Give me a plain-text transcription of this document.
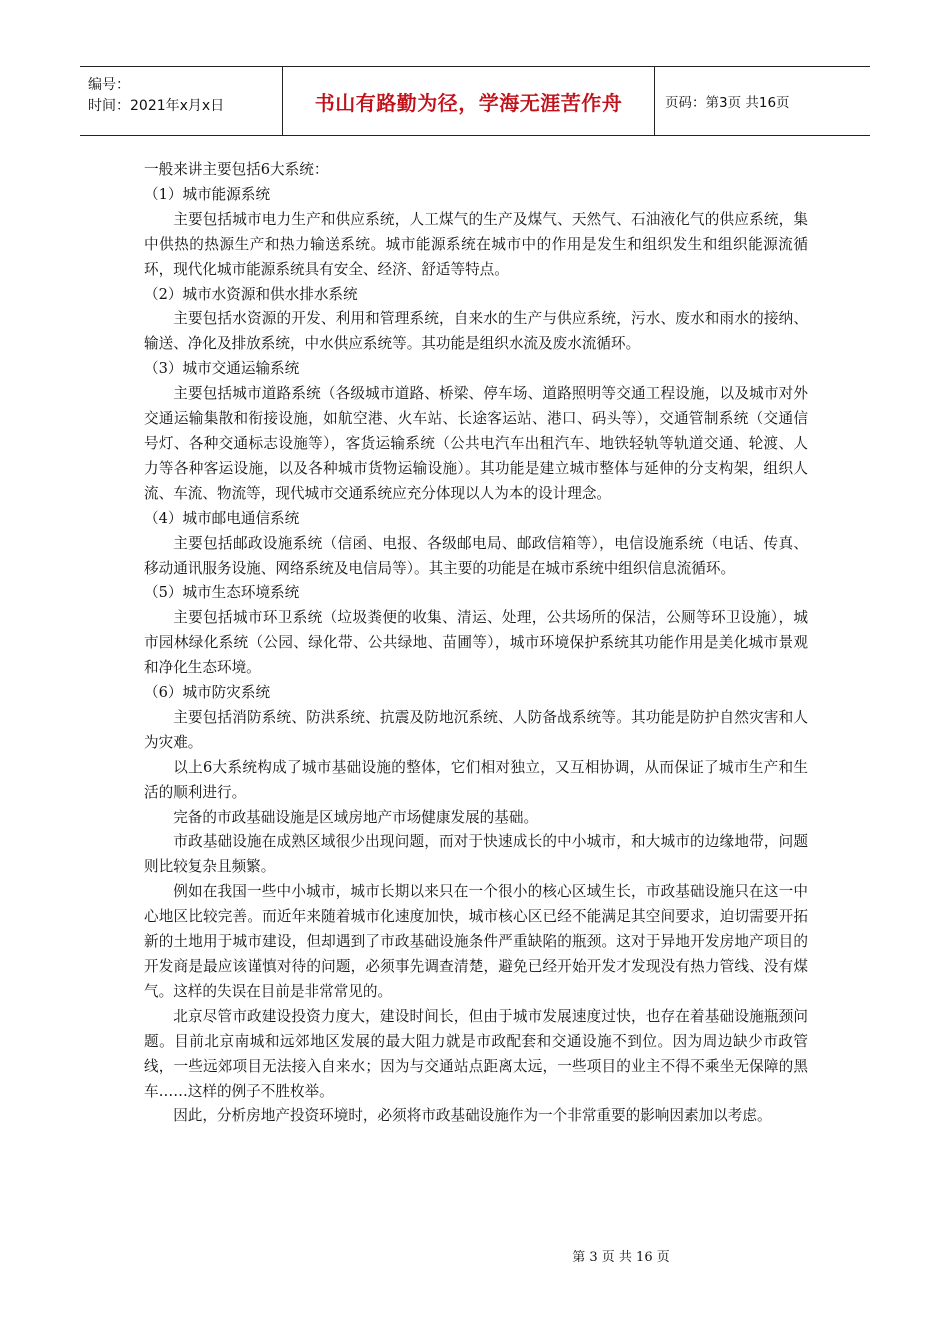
编号：
时间：2021年x月x日	书山有路勤为径，学海无涯苦作舟	页码：第3页 共16页

一般来讲主要包括6大系统：

（1）城市能源系统

主要包括城市电力生产和供应系统，人工煤气的生产及煤气、天然气、石油液化气的供应系统，集中供热的热源生产和热力输送系统。城市能源系统在城市中的作用是发生和组织发生和组织能源流循环，现代化城市能源系统具有安全、经济、舒适等特点。

（2）城市水资源和供水排水系统

主要包括水资源的开发、利用和管理系统，自来水的生产与供应系统，污水、废水和雨水的接纳、输送、净化及排放系统，中水供应系统等。其功能是组织水流及废水流循环。

（3）城市交通运输系统

主要包括城市道路系统（各级城市道路、桥梁、停车场、道路照明等交通工程设施，以及城市对外交通运输集散和衔接设施，如航空港、火车站、长途客运站、港口、码头等），交通管制系统（交通信号灯、各种交通标志设施等），客货运输系统（公共电汽车出租汽车、地铁轻轨等轨道交通、轮渡、人力等各种客运设施，以及各种城市货物运输设施）。其功能是建立城市整体与延伸的分支构架，组织人流、车流、物流等，现代城市交通系统应充分体现以人为本的设计理念。

（4）城市邮电通信系统

主要包括邮政设施系统（信函、电报、各级邮电局、邮政信箱等），电信设施系统（电话、传真、移动通讯服务设施、网络系统及电信局等）。其主要的功能是在城市系统中组织信息流循环。

（5）城市生态环境系统

主要包括城市环卫系统（垃圾粪便的收集、清运、处理，公共场所的保洁，公厕等环卫设施），城市园林绿化系统（公园、绿化带、公共绿地、苗圃等），城市环境保护系统其功能作用是美化城市景观和净化生态环境。

（6）城市防灾系统

主要包括消防系统、防洪系统、抗震及防地沉系统、人防备战系统等。其功能是防护自然灾害和人为灾难。

以上6大系统构成了城市基础设施的整体，它们相对独立，又互相协调，从而保证了城市生产和生活的顺利进行。

完备的市政基础设施是区域房地产市场健康发展的基础。

市政基础设施在成熟区域很少出现问题，而对于快速成长的中小城市，和大城市的边缘地带，问题则比较复杂且频繁。

例如在我国一些中小城市，城市长期以来只在一个很小的核心区域生长，市政基础设施只在这一中心地区比较完善。而近年来随着城市化速度加快，城市核心区已经不能满足其空间要求，迫切需要开拓新的土地用于城市建设，但却遇到了市政基础设施条件严重缺陷的瓶颈。这对于异地开发房地产项目的开发商是最应该谨慎对待的问题，必须事先调查清楚，避免已经开始开发才发现没有热力管线、没有煤气。这样的失误在目前是非常常见的。

北京尽管市政建设投资力度大，建设时间长，但由于城市发展速度过快，也存在着基础设施瓶颈问题。目前北京南城和远郊地区发展的最大阻力就是市政配套和交通设施不到位。因为周边缺少市政管线，一些远郊项目无法接入自来水；因为与交通站点距离太远，一些项目的业主不得不乘坐无保障的黑车……这样的例子不胜枚举。

因此，分析房地产投资环境时，必须将市政基础设施作为一个非常重要的影响因素加以考虑。

第 3 页 共 16 页
